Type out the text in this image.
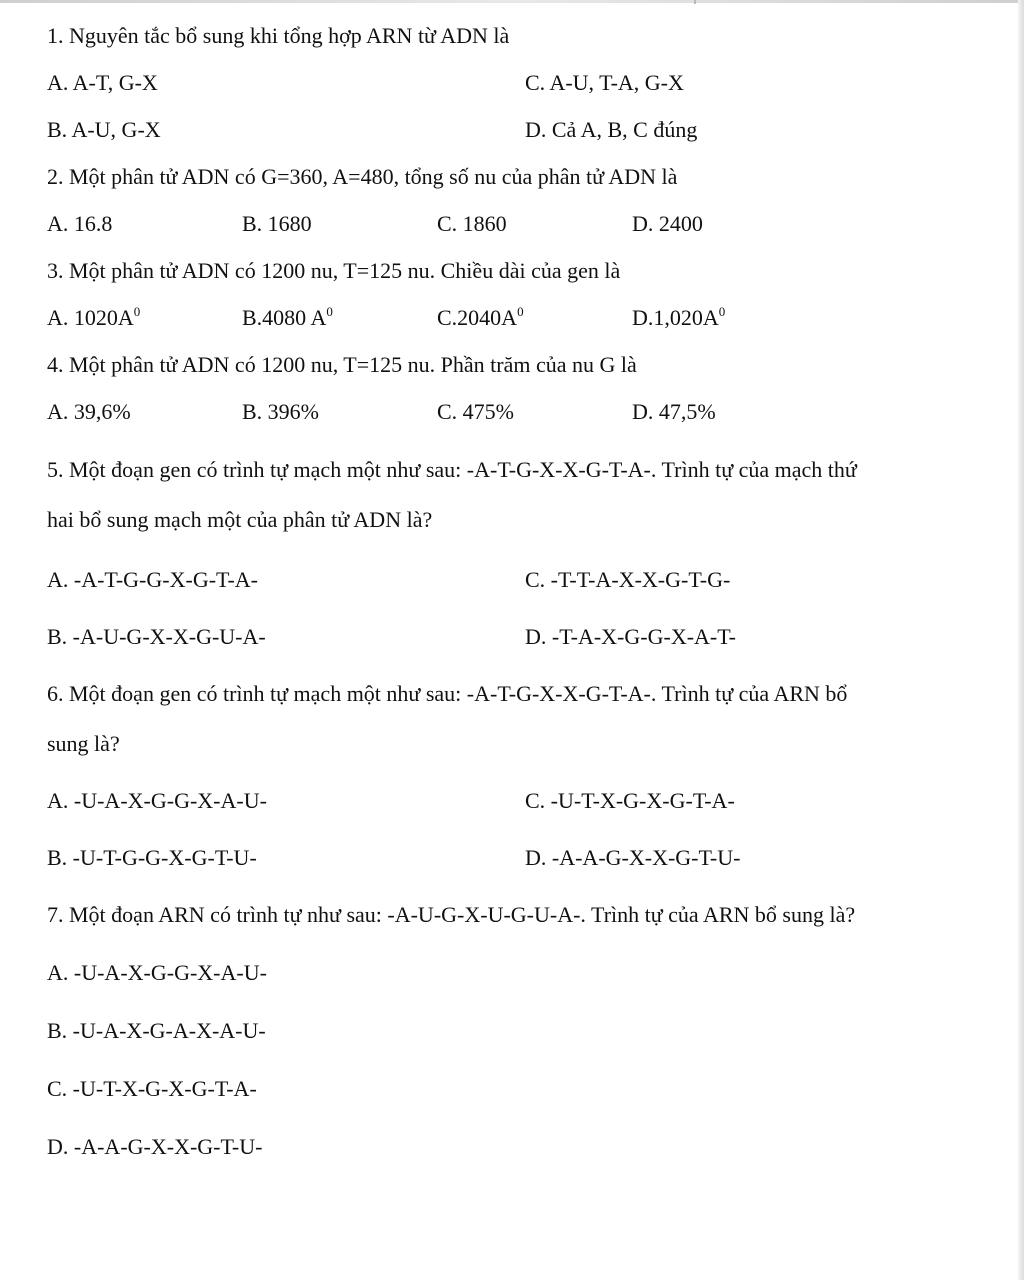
1. Nguyên tắc bổ sung khi tổng hợp ARN từ ADN là

A. A-T, G-X	C. A-U, T-A, G-X
B. A-U, G-X	D. Cả A, B, C đúng

2. Một phân tử ADN có G=360, A=480, tổng số nu của phân tử ADN là

A. 16.8	B. 1680	C. 1860	D. 2400

3. Một phân tử ADN có 1200 nu, T=125 nu. Chiều dài của gen là

A. $1020A^0$	B.4080 $A^0$	$C.2040A^0$	$D.1,020A^0$

4. Một phân tử ADN có 1200 nu, T=125 nu. Phần trăm của nu G là

A. 39,6%	B. 396%	C. 475%	D. 47,5%

5. Một đoạn gen có trình tự mạch một như sau: -A-T-G-X-X-G-T-A-. Trình tự của mạch thứ

hai bổ sung mạch một của phân tử ADN là?

A. -A-T-G-G-X-G-T-A-	C. -T-T-A-X-X-G-T-G-
B. -A-U-G-X-X-G-U-A-	D. -T-A-X-G-G-X-A-T-

6. Một đoạn gen có trình tự mạch một như sau: -A-T-G-X-X-G-T-A-. Trình tự của ARN bổ

sung là?

A. -U-A-X-G-G-X-A-U-	C. -U-T-X-G-X-G-T-A-
B. -U-T-G-G-X-G-T-U-	D. -A-A-G-X-X-G-T-U-

7. Một đoạn ARN có trình tự như sau: -A-U-G-X-U-G-U-A-. Trình tự của ARN bổ sung là?

A. -U-A-X-G-G-X-A-U-
B. -U-A-X-G-A-X-A-U-
C. -U-T-X-G-X-G-T-A-
D. -A-A-G-X-X-G-T-U-
